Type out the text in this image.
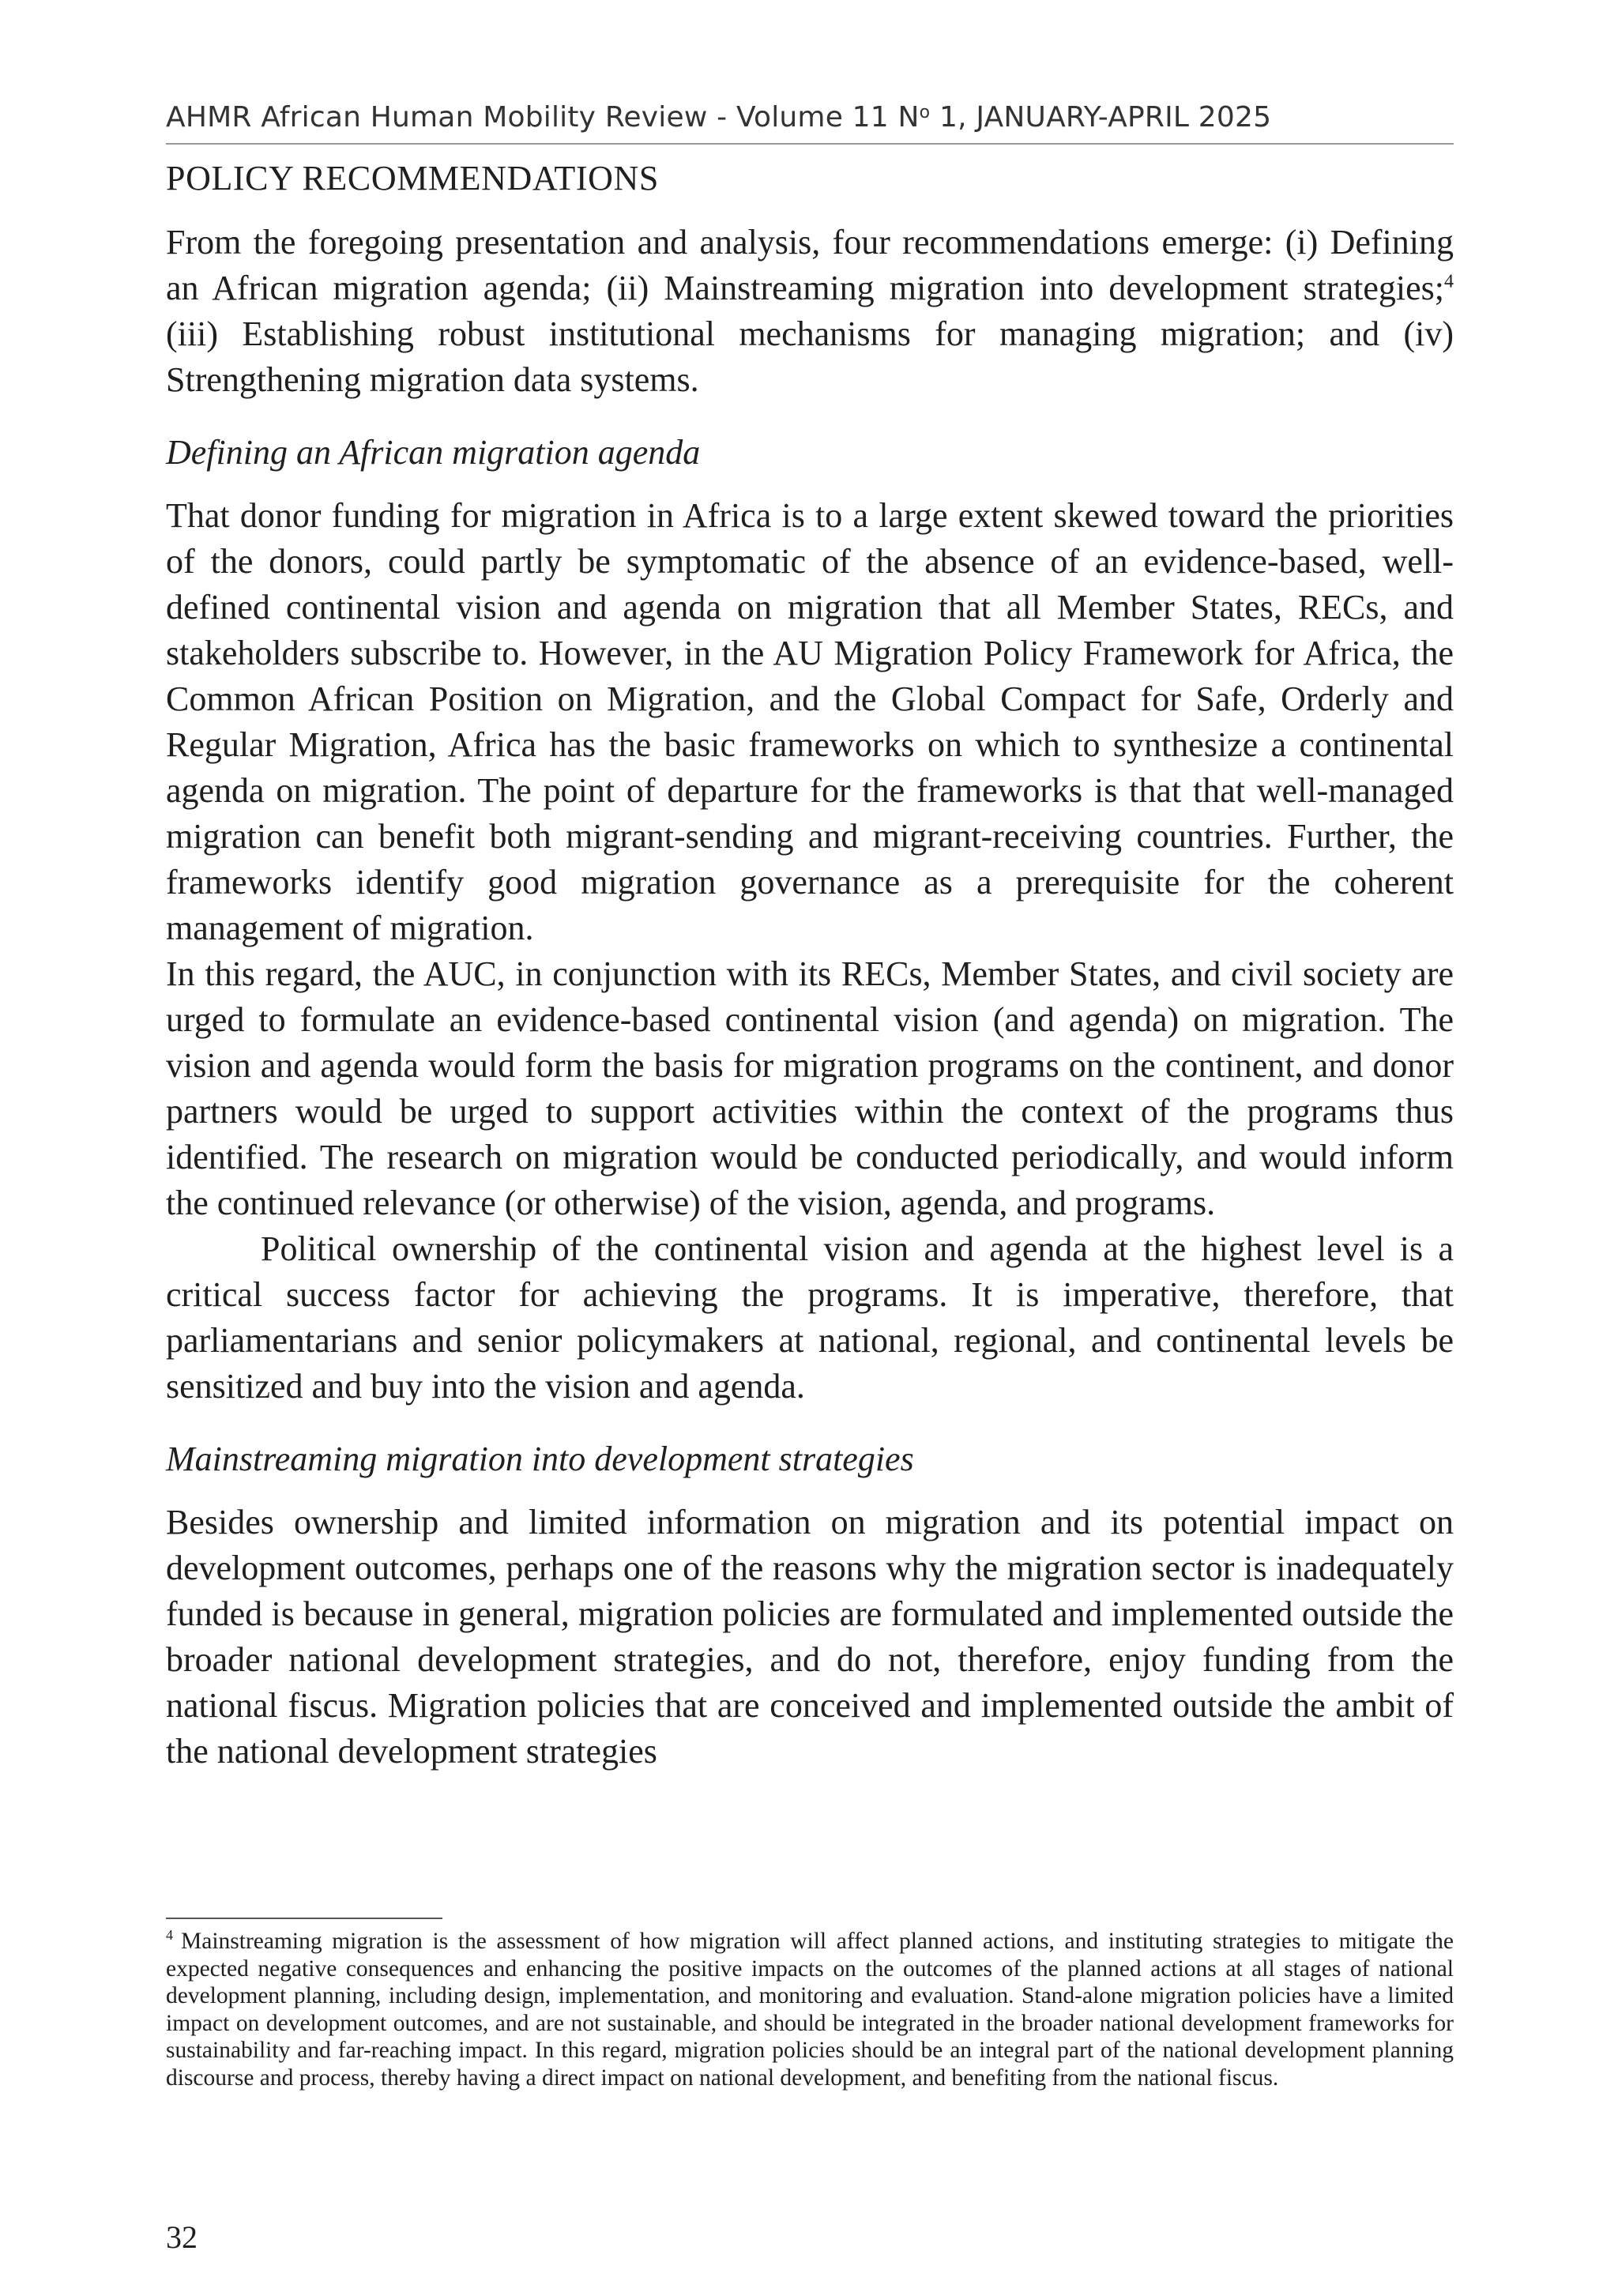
AHMR African Human Mobility Review - Volume 11 $N^o$ 1, JANUARY-APRIL 2025
POLICY RECOMMENDATIONS

From the foregoing presentation and analysis, four recommendations emerge: (i) Defining an African migration agenda; (ii) Mainstreaming migration into development strategies;$^4$ (iii) Establishing robust institutional mechanisms for managing migration; and (iv) Strengthening migration data systems.

Defining an African migration agenda

That donor funding for migration in Africa is to a large extent skewed toward the priorities of the donors, could partly be symptomatic of the absence of an evidence-based, well-defined continental vision and agenda on migration that all Member States, RECs, and stakeholders subscribe to. However, in the AU Migration Policy Framework for Africa, the Common African Position on Migration, and the Global Compact for Safe, Orderly and Regular Migration, Africa has the basic frameworks on which to synthesize a continental agenda on migration. The point of departure for the frameworks is that that well-managed migration can benefit both migrant-sending and migrant-receiving countries. Further, the frameworks identify good migration governance as a prerequisite for the coherent management of migration.

In this regard, the AUC, in conjunction with its RECs, Member States, and civil society are urged to formulate an evidence-based continental vision (and agenda) on migration. The vision and agenda would form the basis for migration programs on the continent, and donor partners would be urged to support activities within the context of the programs thus identified. The research on migration would be conducted periodically, and would inform the continued relevance (or otherwise) of the vision, agenda, and programs.

Political ownership of the continental vision and agenda at the highest level is a critical success factor for achieving the programs. It is imperative, therefore, that parliamentarians and senior policymakers at national, regional, and continental levels be sensitized and buy into the vision and agenda.

Mainstreaming migration into development strategies

Besides ownership and limited information on migration and its potential impact on development outcomes, perhaps one of the reasons why the migration sector is inadequately funded is because in general, migration policies are formulated and implemented outside the broader national development strategies, and do not, therefore, enjoy funding from the national fiscus. Migration policies that are conceived and implemented outside the ambit of the national development strategies

$^4$ Mainstreaming migration is the assessment of how migration will affect planned actions, and instituting strategies to mitigate the expected negative consequences and enhancing the positive impacts on the outcomes of the planned actions at all stages of national development planning, including design, implementation, and monitoring and evaluation. Stand-alone migration policies have a limited impact on development outcomes, and are not sustainable, and should be integrated in the broader national development frameworks for sustainability and far-reaching impact. In this regard, migration policies should be an integral part of the national development planning discourse and process, thereby having a direct impact on national development, and benefiting from the national fiscus.

32
